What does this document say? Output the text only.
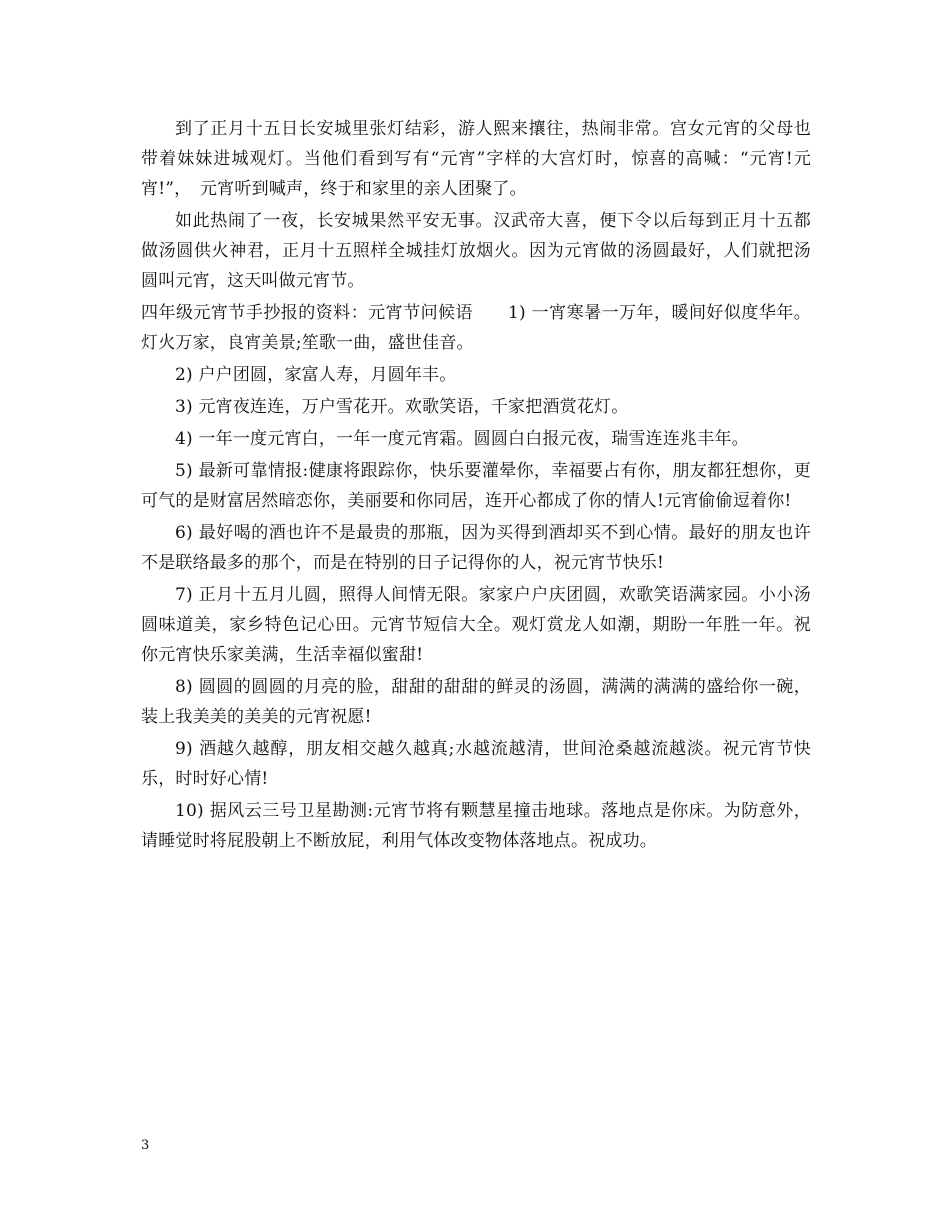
到了正月十五日长安城里张灯结彩，游人熙来攘往，热闹非常。宫女元宵的父母也带着妹妹进城观灯。当他们看到写有“元宵”字样的大宫灯时，惊喜的高喊：“元宵!元宵!”，　元宵听到喊声，终于和家里的亲人团聚了。

如此热闹了一夜，长安城果然平安无事。汉武帝大喜，便下令以后每到正月十五都做汤圆供火神君，正月十五照样全城挂灯放烟火。因为元宵做的汤圆最好，人们就把汤圆叫元宵，这天叫做元宵节。

四年级元宵节手抄报的资料：元宵节问候语　　1) 一宵寒暑一万年，暖间好似度华年。灯火万家，良宵美景;笙歌一曲，盛世佳音。

2) 户户团圆，家富人寿，月圆年丰。

3) 元宵夜连连，万户雪花开。欢歌笑语，千家把酒赏花灯。

4) 一年一度元宵白，一年一度元宵霜。圆圆白白报元夜，瑞雪连连兆丰年。

5) 最新可靠情报:健康将跟踪你，快乐要灌晕你，幸福要占有你，朋友都狂想你，更可气的是财富居然暗恋你，美丽要和你同居，连开心都成了你的情人!元宵偷偷逗着你!

6) 最好喝的酒也许不是最贵的那瓶，因为买得到酒却买不到心情。最好的朋友也许不是联络最多的那个，而是在特别的日子记得你的人，祝元宵节快乐!

7) 正月十五月儿圆，照得人间情无限。家家户户庆团圆，欢歌笑语满家园。小小汤圆味道美，家乡特色记心田。元宵节短信大全。观灯赏龙人如潮，期盼一年胜一年。祝你元宵快乐家美满，生活幸福似蜜甜!

8) 圆圆的圆圆的月亮的脸，甜甜的甜甜的鲜灵的汤圆，满满的满满的盛给你一碗，装上我美美的美美的元宵祝愿!

9) 酒越久越醇，朋友相交越久越真;水越流越清，世间沧桑越流越淡。祝元宵节快乐，时时好心情!

10) 据风云三号卫星勘测:元宵节将有颗慧星撞击地球。落地点是你床。为防意外，请睡觉时将屁股朝上不断放屁，利用气体改变物体落地点。祝成功。

3
